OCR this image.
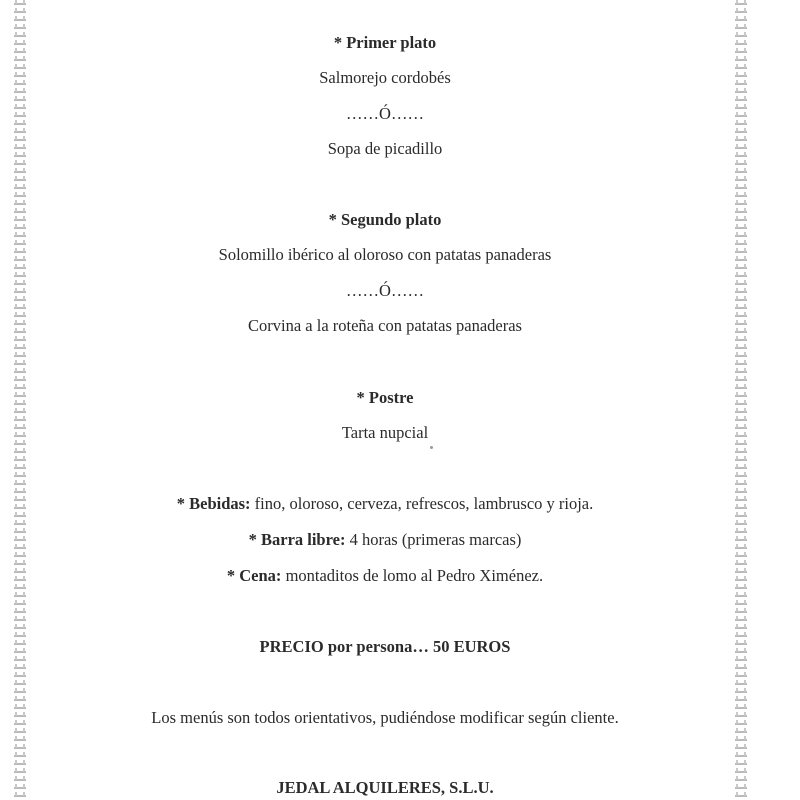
* Primer plato
Salmorejo cordobés
……Ó……
Sopa de picadillo
* Segundo plato
Solomillo ibérico al oloroso con patatas panaderas
……Ó……
Corvina a la roteña con patatas panaderas
* Postre
Tarta nupcial
* Bebidas: fino, oloroso, cerveza, refrescos, lambrusco y rioja.
* Barra libre: 4 horas (primeras marcas)
* Cena: montaditos de lomo al Pedro Ximénez.
PRECIO por persona… 50 EUROS
Los menús son todos orientativos, pudiéndose modificar según cliente.
JEDAL ALQUILERES, S.L.U.
